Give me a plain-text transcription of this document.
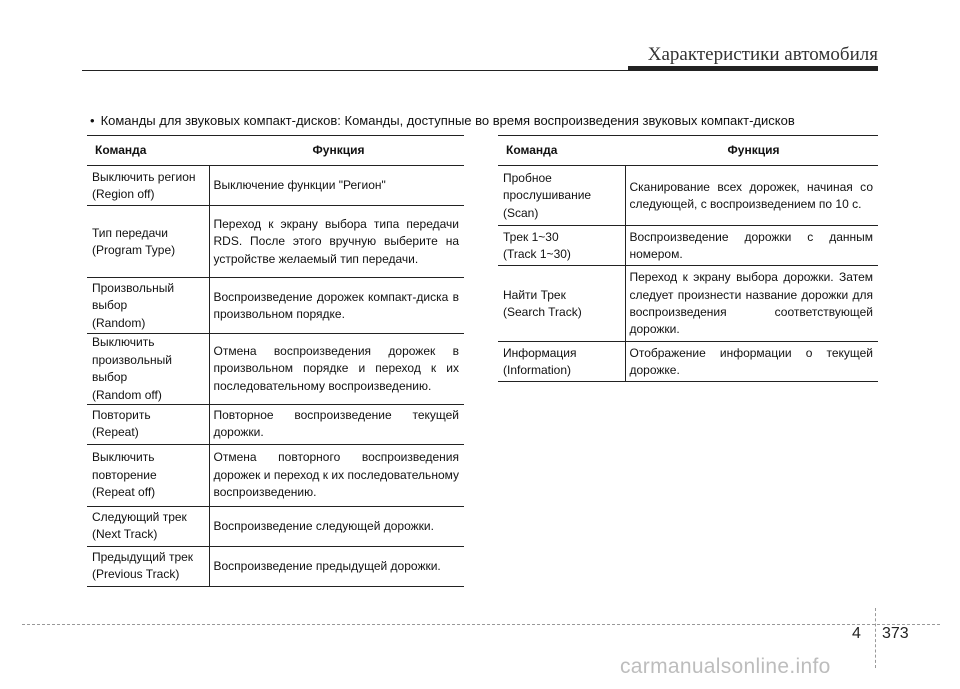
Характеристики автомобиля
• Команды для звуковых компакт-дисков: Команды, доступные во время воспроизведения звуковых компакт-дисков
Команда	Функция
Выключить регион
(Region off)	Выключение функции "Регион"
Тип передачи
(Program Type)	Переход к экрану выбора типа передачи RDS. После этого вручную выберите на устройстве желаемый тип передачи.
Произвольный
выбор
(Random)	Воспроизведение дорожек компакт-диска в произвольном порядке.
Выключить
произвольный
выбор
(Random off)	Отмена воспроизведения дорожек в произвольном порядке и переход к их последовательному воспроизведению.
Повторить
(Repeat)	Повторное воспроизведение текущей дорожки.
Выключить
повторение
(Repeat off)	Отмена повторного воспроизведения дорожек и переход к их последовательному воспроизведению.
Следующий трек
(Next Track)	Воспроизведение следующей дорожки.
Предыдущий трек
(Previous Track)	Воспроизведение предыдущей дорожки.
Команда	Функция
Пробное
прослушивание
(Scan)	Сканирование всех дорожек, начиная со следующей, с воспроизведением по 10 с.
Трек 1~30
(Track 1~30)	Воспроизведение дорожки с данным номером.
Найти Трек
(Search Track)	Переход к экрану выбора дорожки. Затем следует произнести название дорожки для воспроизведения соответствующей дорожки.
Информация
(Information)	Отображение информации о текущей дорожке.
4 373
carmanualsonline.info
